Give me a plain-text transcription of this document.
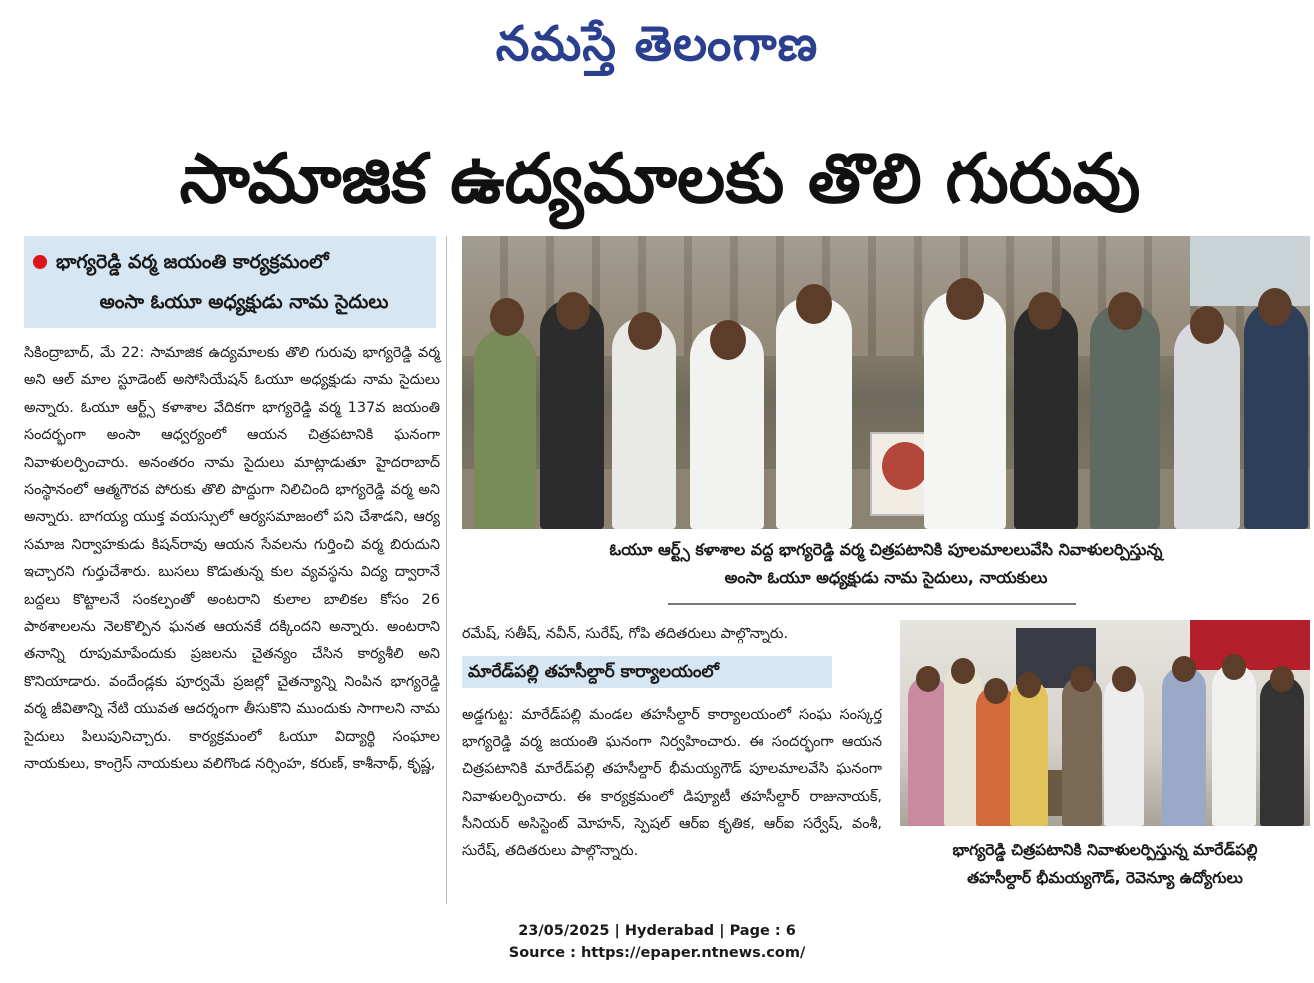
నమస్తే తెలంగాణ
సామాజిక ఉద్యమాలకు తొలి గురువు
భాగ్యరెడ్డి వర్మ జయంతి కార్యక్రమంలో
అంసా ఓయూ అధ్యక్షుడు నామ సైదులు
సికింద్రాబాద్, మే 22: సామాజిక ఉద్యమాలకు తొలి గురువు భాగ్యరెడ్డి వర్మ అని ఆల్ మాల స్టూడెంట్ అసోసియేషన్ ఓయూ అధ్యక్షుడు నామ సైదులు అన్నారు. ఓయూ ఆర్ట్స్ కళాశాల వేదికగా భాగ్యరెడ్డి వర్మ 137వ జయంతి సందర్భంగా అంసా ఆధ్వర్యంలో ఆయన చిత్రపటానికి ఘనంగా నివాళులర్పించారు. అనంతరం నామ సైదులు మాట్లాడుతూ హైదరాబాద్ సంస్థానంలో ఆత్మగౌరవ పోరుకు తొలి పొద్దుగా నిలిచింది భాగ్యరెడ్డి వర్మ అని అన్నారు. బాగయ్య యుక్త వయస్సులో ఆర్యసమాజంలో పని చేశాడని, ఆర్య సమాజ నిర్వాహకుడు కిషన్‌రావు ఆయన సేవలను గుర్తించి వర్మ బిరుదుని ఇచ్చారని గుర్తుచేశారు. బుసలు కొడుతున్న కుల వ్యవస్థను విద్య ద్వారానే బద్దలు కొట్టాలనే సంకల్పంతో అంటరాని కులాల బాలికల కోసం 26 పాఠశాలలను నెలకొల్పిన ఘనత ఆయనకే దక్కిందని అన్నారు. అంటరాని తనాన్ని రూపుమాపేందుకు ప్రజలను చైతన్యం చేసిన కార్యశీలి అని కొనియాడారు. వందేండ్లకు పూర్వమే ప్రజల్లో చైతన్యాన్ని నింపిన భాగ్యరెడ్డి వర్మ జీవితాన్ని నేటి యువత ఆదర్శంగా తీసుకొని ముందుకు సాగాలని నామ సైదులు పిలుపునిచ్చారు. కార్యక్రమంలో ఓయూ విద్యార్థి సంఘాల నాయకులు, కాంగ్రెస్ నాయకులు వలిగొండ నర్సింహ, కరుణ్, కాశీనాథ్, కృష్ణ,
ఓయూ ఆర్ట్స్ కళాశాల వద్ద భాగ్యరెడ్డి వర్మ చిత్రపటానికి పూలమాలలువేసి నివాళులర్పిస్తున్న
అంసా ఓయూ అధ్యక్షుడు నామ సైదులు, నాయకులు
రమేష్, సతీష్, నవీన్, సురేష్, గోపి తదితరులు పాల్గొన్నారు.
మారేడ్‌పల్లి తహసీల్దార్ కార్యాలయంలో
అడ్డగుట్ట: మారేడ్‌పల్లి మండల తహసీల్దార్ కార్యాలయంలో సంఘ సంస్కర్త భాగ్యరెడ్డి వర్మ జయంతి ఘనంగా నిర్వహించారు. ఈ సందర్భంగా ఆయన చిత్రపటానికి మారేడ్‌పల్లి తహసీల్దార్ భీమయ్యగౌడ్ పూలమాలవేసి ఘనంగా నివాళులర్పించారు. ఈ కార్యక్రమంలో డిప్యూటీ తహసీల్దార్ రాజునాయక్, సీనియర్ అసిస్టెంట్ మోహన్, స్పెషల్ ఆర్ఐ కృతిక, ఆర్ఐ సర్వేష్, వంశీ, సురేష్, తదితరులు పాల్గొన్నారు.	భాగ్యరెడ్డి చిత్రపటానికి నివాళులర్పిస్తున్న మారేడ్‌పల్లి
తహసీల్దార్ భీమయ్యగౌడ్, రెవెన్యూ ఉద్యోగులు
23/05/2025 | Hyderabad | Page : 6
Source : https://epaper.ntnews.com/
